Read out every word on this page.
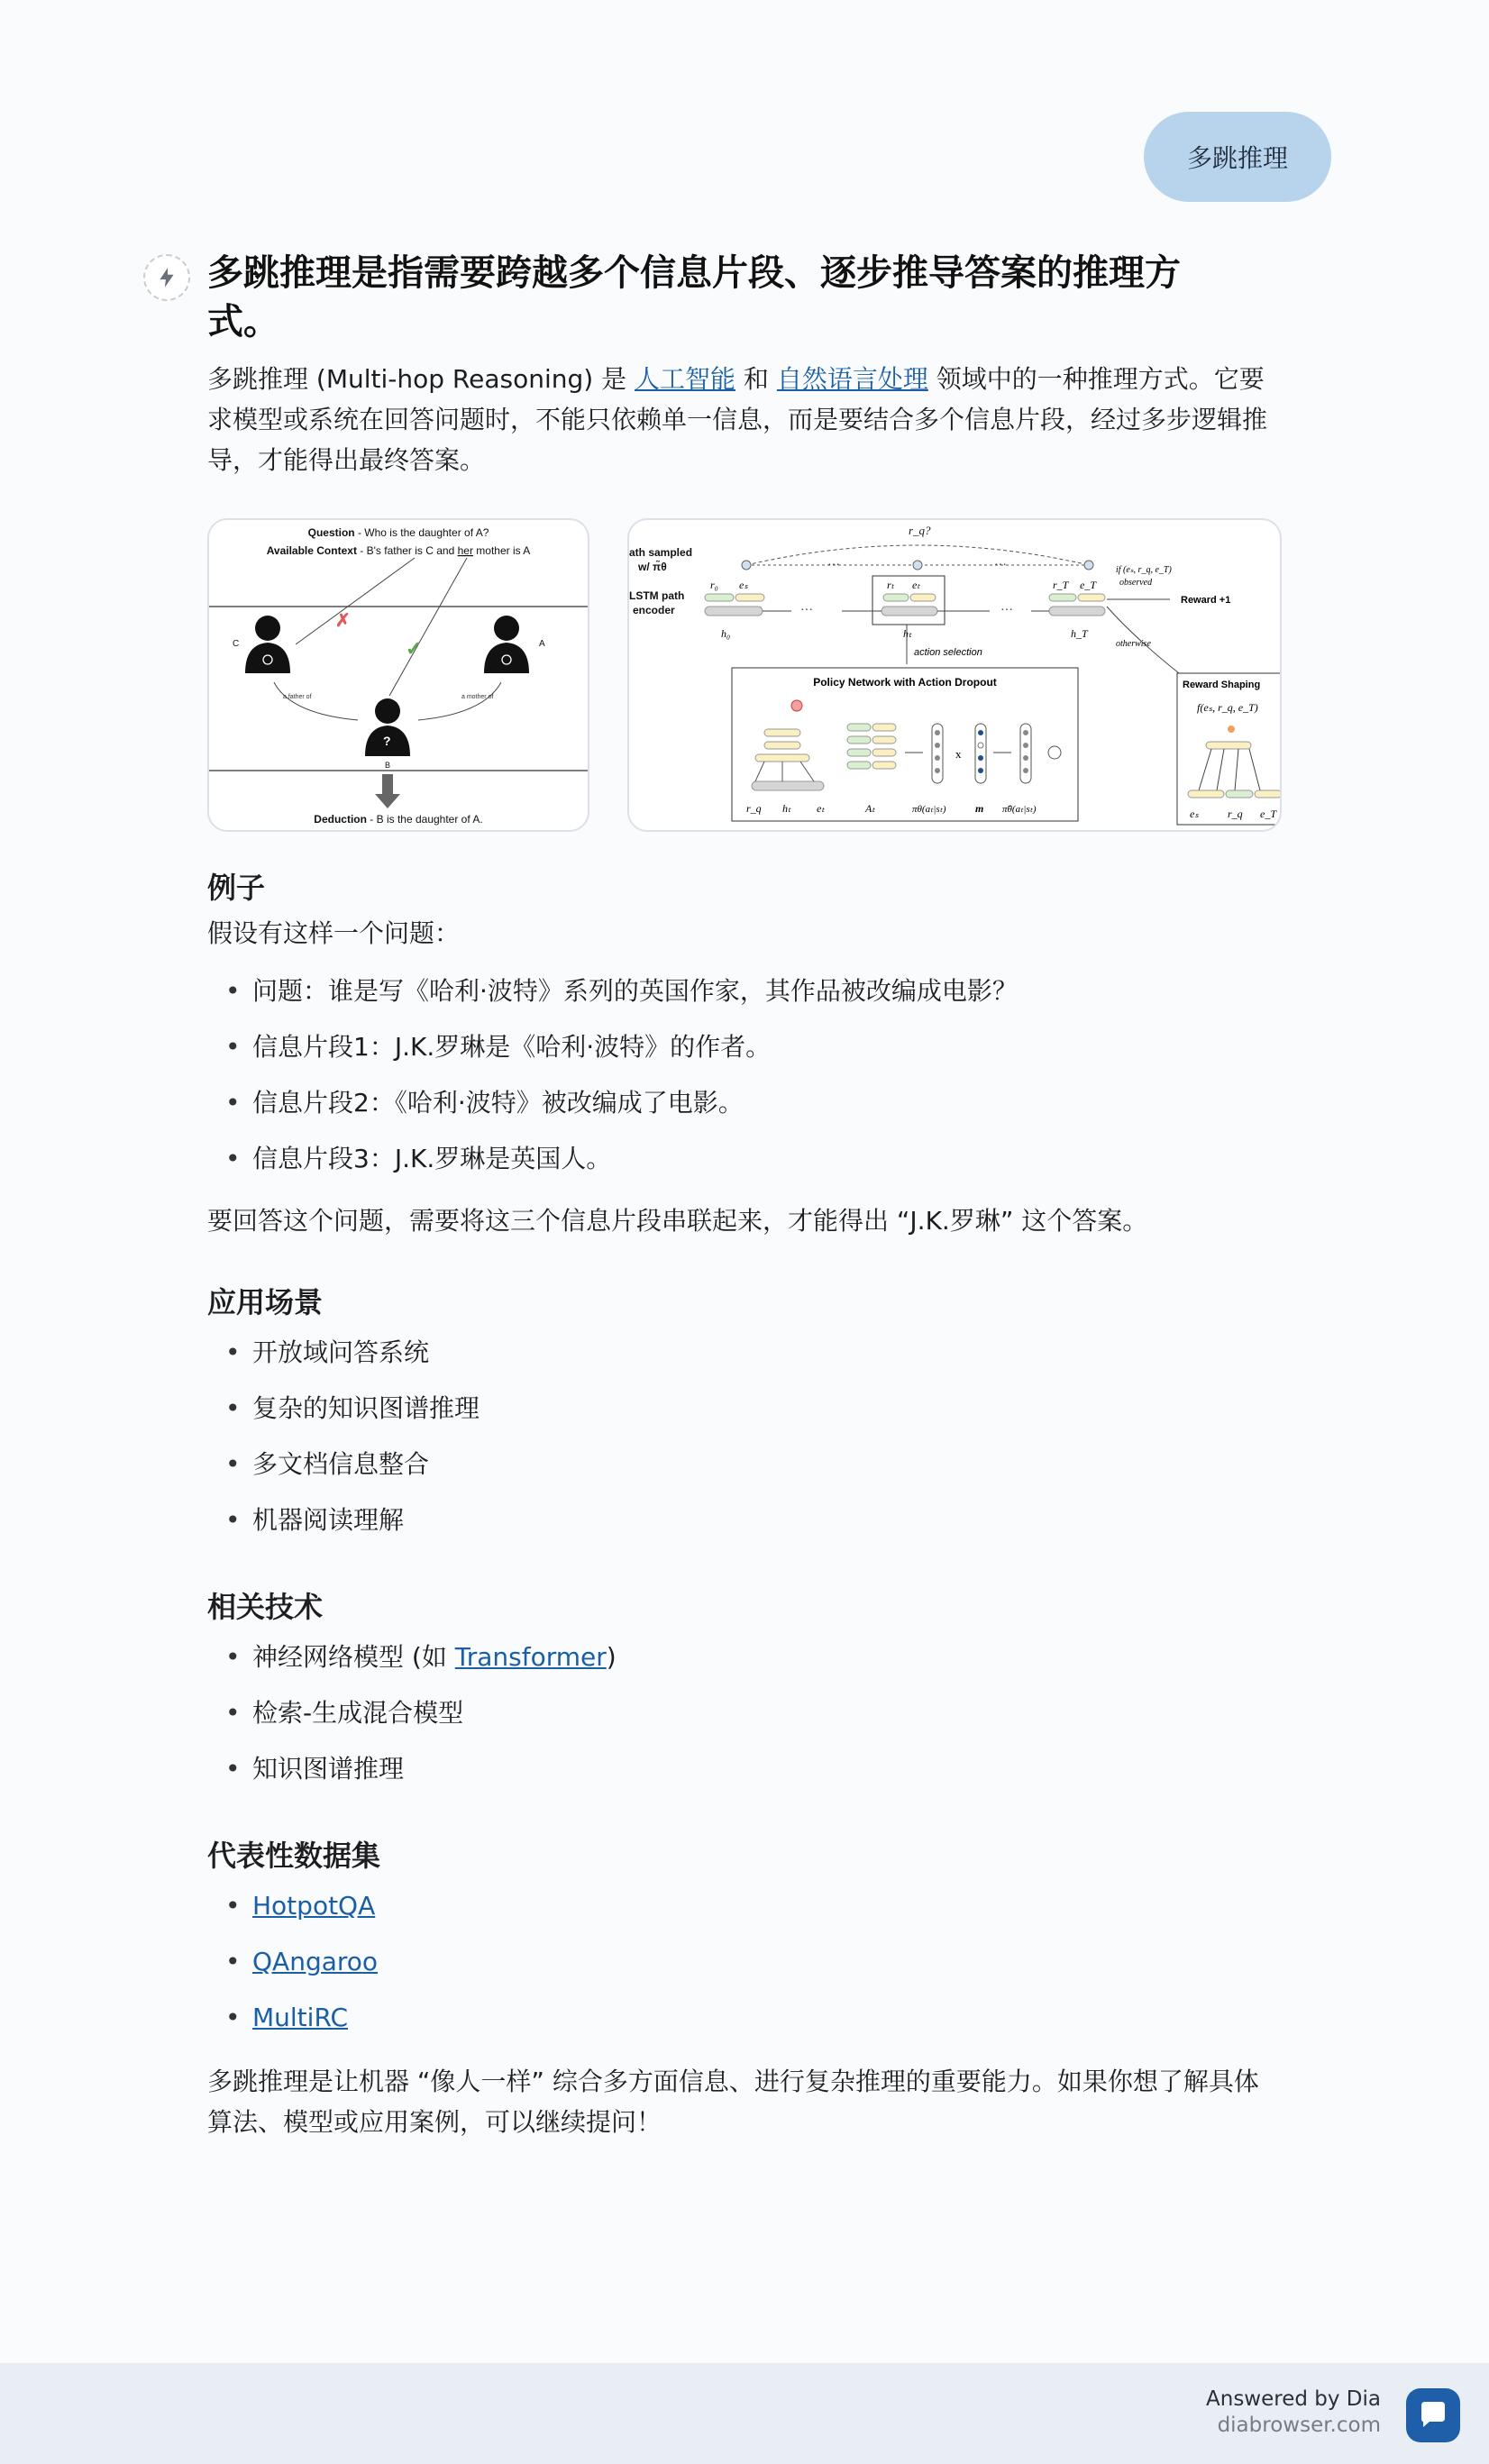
多跳推理
多跳推理是指需要跨越多个信息片段、逐步推导答案的推理方式。

多跳推理 (Multi-hop Reasoning) 是 人工智能 和 自然语言处理 领域中的一种推理方式。它要求模型或系统在回答问题时，不能只依赖单一信息，而是要结合多个信息片段，经过多步逻辑推导，才能得出最终答案。

Question - Who is the daughter of A?
Available Context - B's father is C and her mother is A
✗
✓
C	A
?
B
a father of	a mother of
Deduction - B is the daughter of A.
r_q?
ath sampled
w/ π̃θ
LSTM path
encoder
···	···
r₀ eₛ	rₜ eₜ	r_T e_T
···	···
h₀	hₜ	h_T
if (eₛ, r_q, e_T)
observed
Reward +1
otherwise
action selection
Policy Network with Action Dropout
x
r_q hₜ eₜ	Aₜ	πθ(aₜ|sₜ)	m π̃θ(aₜ|sₜ)
Reward Shaping
f(eₛ, r_q, e_T)
eₛ	r_q e_T
例子

假设有这样一个问题：

• 问题：谁是写《哈利·波特》系列的英国作家，其作品被改编成电影？
• 信息片段1：J.K.罗琳是《哈利·波特》的作者。
• 信息片段2：《哈利·波特》被改编成了电影。
• 信息片段3：J.K.罗琳是英国人。

要回答这个问题，需要将这三个信息片段串联起来，才能得出 “J.K.罗琳” 这个答案。

应用场景
• 开放域问答系统
• 复杂的知识图谱推理
• 多文档信息整合
• 机器阅读理解
相关技术
• 神经网络模型 (如 Transformer)
• 检索-生成混合模型
• 知识图谱推理
代表性数据集
• HotpotQA
• QAngaroo
• MultiRC

多跳推理是让机器 “像人一样” 综合多方面信息、进行复杂推理的重要能力。如果你想了解具体算法、模型或应用案例，可以继续提问！

Answered by Dia
diabrowser.com
